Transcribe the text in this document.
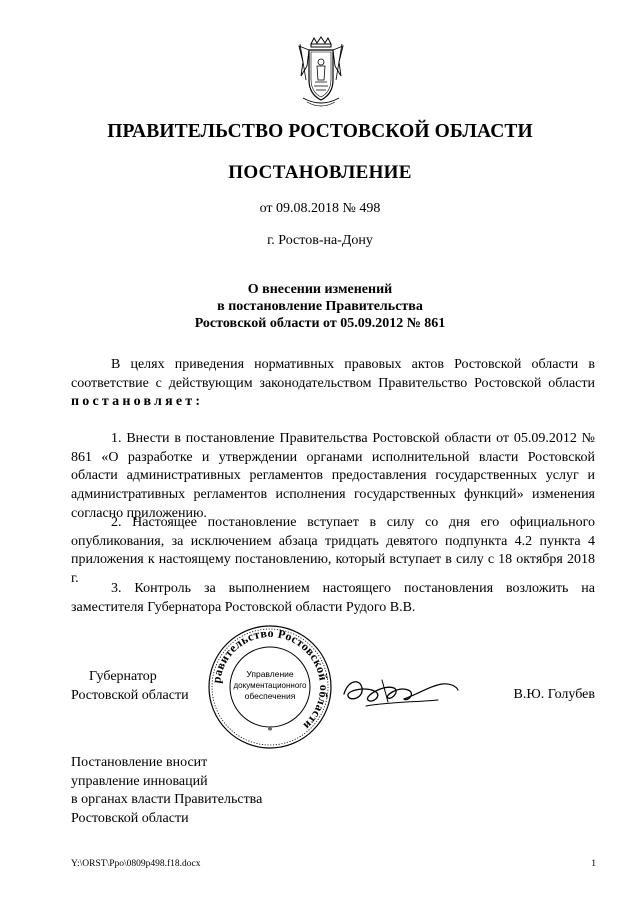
ПРАВИТЕЛЬСТВО РОСТОВСКОЙ ОБЛАСТИ
ПОСТАНОВЛЕНИЕ
от 09.08.2018 № 498
г. Ростов-на-Дону
О внесении изменений
в постановление Правительства
Ростовской области от 05.09.2012 № 861

В целях приведения нормативных правовых актов Ростовской области в соответствие с действующим законодательством Правительство Ростовской области постановляет:

1. Внести в постановление Правительства Ростовской области от 05.09.2012 № 861 «О разработке и утверждении органами исполнительной власти Ростовской области административных регламентов предоставления государственных услуг и административных регламентов исполнения государственных функций» изменения согласно приложению.

2. Настоящее постановление вступает в силу со дня его официального опубликования, за исключением абзаца тридцать девятого подпункта 4.2 пункта 4 приложения к настоящему постановлению, который вступает в силу с 18 октября 2018 г.

3. Контроль за выполнением настоящего постановления возложить на заместителя Губернатора Ростовской области Рудого В.В.

Губернатор
Ростовской области
равительство Ростовской области
Управление
документационного
обеспечения
*
В.Ю. Голубев
Постановление вносит
управление инноваций
в органах власти Правительства
Ростовской области
Y:\ORST\Ppo\0809p498.f18.docx	1
